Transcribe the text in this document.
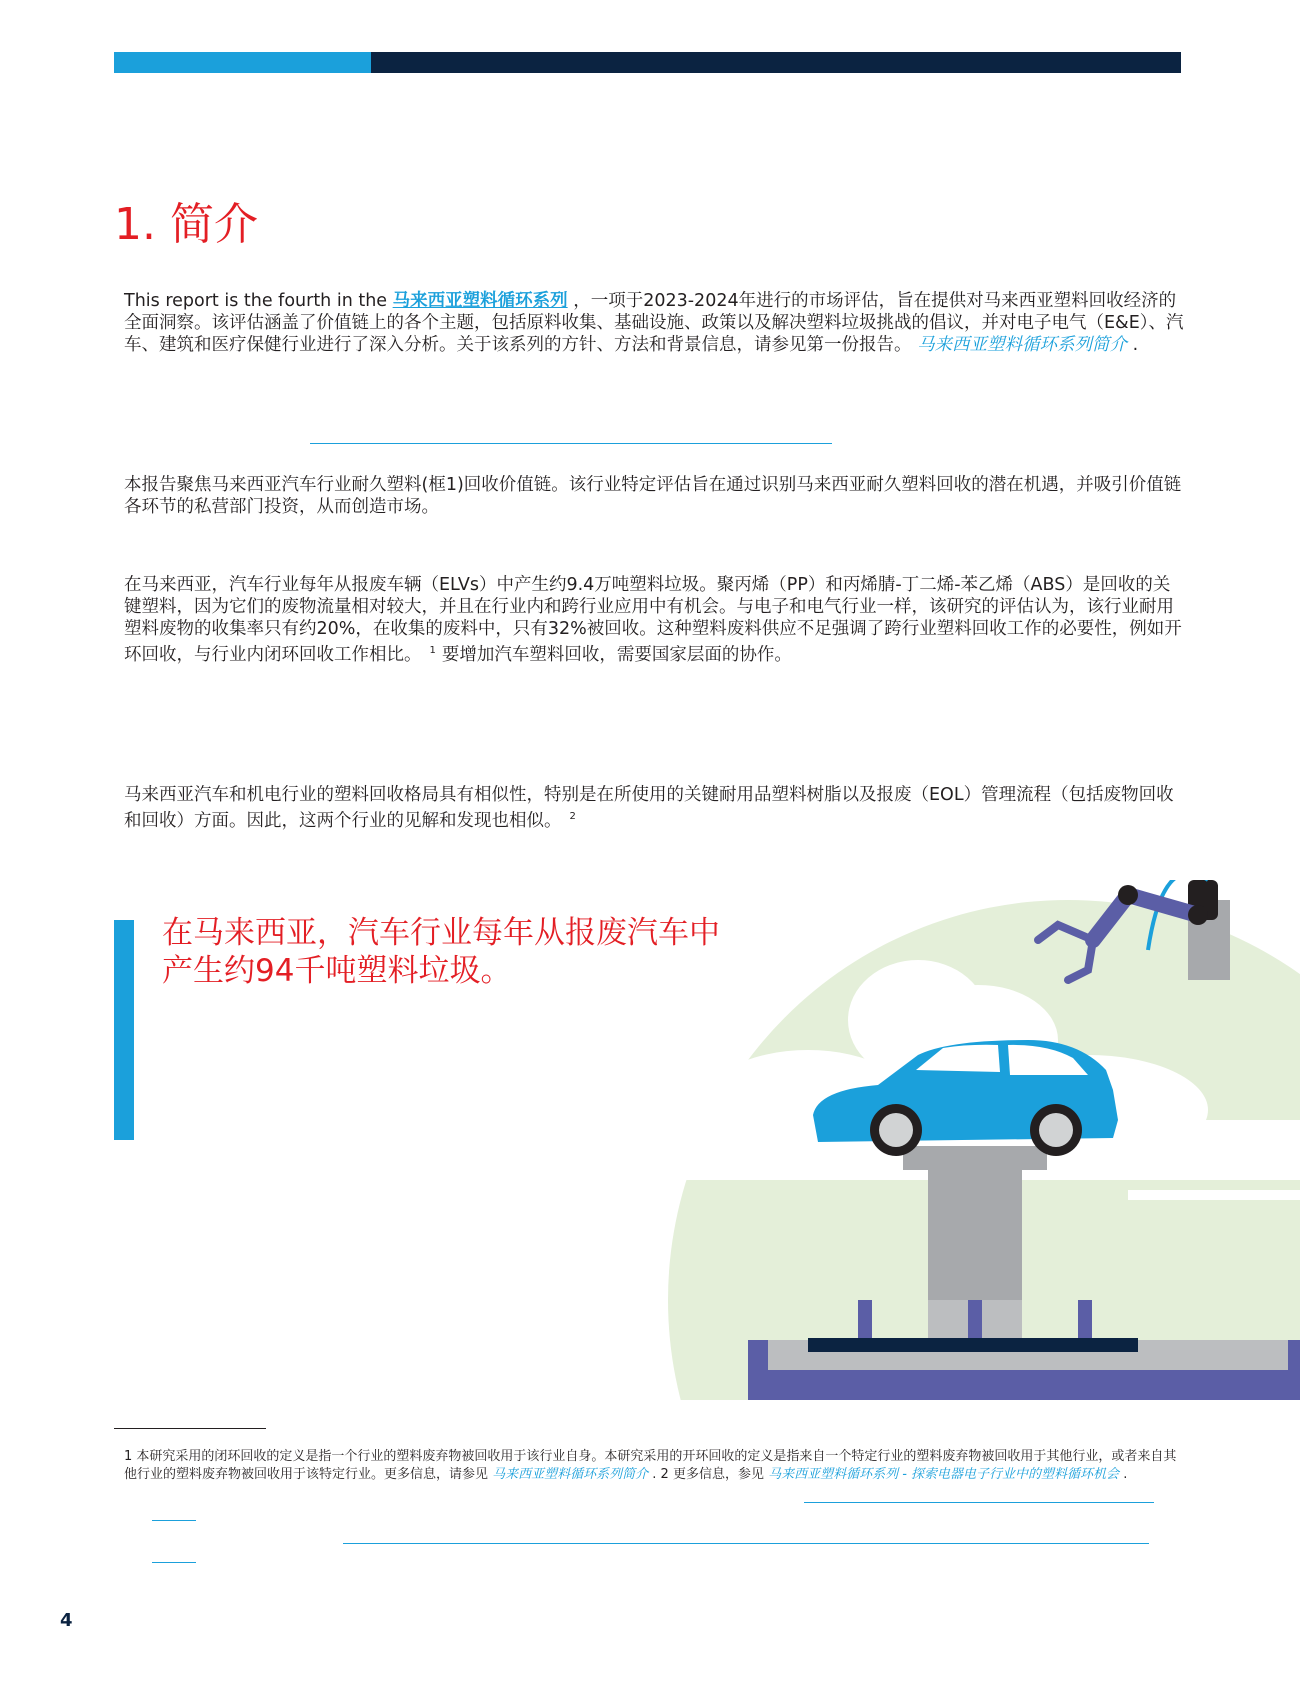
1. 简介

This report is the fourth in the 马来西亚塑料循环系列 ，一项于2023-2024年进行的市场评估，旨在提供对马来西亚塑料回收经济的全面洞察。该评估涵盖了价值链上的各个主题，包括原料收集、基础设施、政策以及解决塑料垃圾挑战的倡议，并对电子电气（E&E）、汽车、建筑和医疗保健行业进行了深入分析。关于该系列的方针、方法和背景信息，请参见第一份报告。 马来西亚塑料循环系列简介 .

本报告聚焦马来西亚汽车行业耐久塑料(框1)回收价值链。该行业特定评估旨在通过识别马来西亚耐久塑料回收的潜在机遇，并吸引价值链各环节的私营部门投资，从而创造市场。

在马来西亚，汽车行业每年从报废车辆（ELVs）中产生约9.4万吨塑料垃圾。聚丙烯（PP）和丙烯腈-丁二烯-苯乙烯（ABS）是回收的关键塑料，因为它们的废物流量相对较大，并且在行业内和跨行业应用中有机会。与电子和电气行业一样，该研究的评估认为，该行业耐用塑料废物的收集率只有约20%，在收集的废料中，只有32%被回收。这种塑料废料供应不足强调了跨行业塑料回收工作的必要性，例如开环回收，与行业内闭环回收工作相比。 $^1$ 要增加汽车塑料回收，需要国家层面的协作。

马来西亚汽车和机电行业的塑料回收格局具有相似性，特别是在所使用的关键耐用品塑料树脂以及报废（EOL）管理流程（包括废物回收和回收）方面。因此，这两个行业的见解和发现也相似。 $^2$

在马来西亚，汽车行业每年从报废汽车中产生约94千吨塑料垃圾。

1 本研究采用的闭环回收的定义是指一个行业的塑料废弃物被回收用于该行业自身。本研究采用的开环回收的定义是指来自一个特定行业的塑料废弃物被回收用于其他行业，或者来自其他行业的塑料废弃物被回收用于该特定行业。更多信息，请参见 马来西亚塑料循环系列简介 . 2 更多信息，参见 马来西亚塑料循环系列 - 探索电器电子行业中的塑料循环机会 .

4
